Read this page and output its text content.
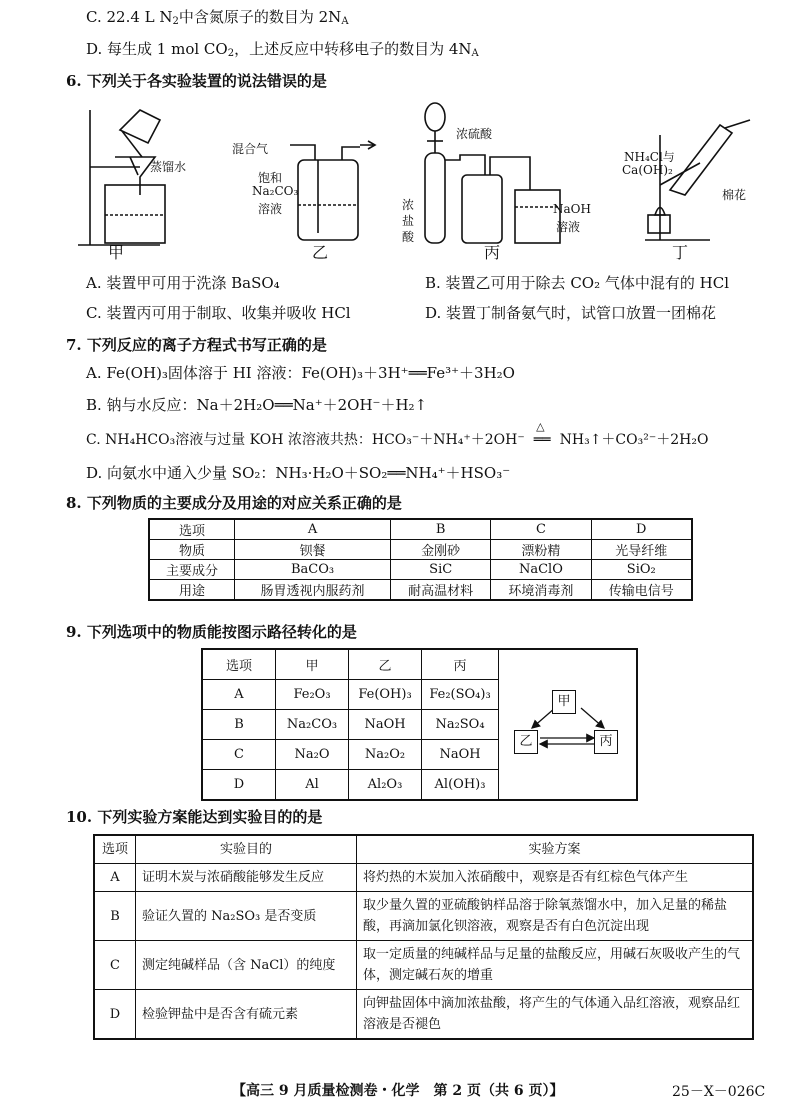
C. 22.4 L $N_2$中含氮原子的数目为 $2N_A$
D. 每生成 1 mol $CO_2$，上述反应中转移电子的数目为 $4N_A$
6. 下列关于各实验装置的说法错误的是
蒸馏水
混合气
饱和
Na₂CO₃
溶液
浓硫酸
浓
盐
酸
NaOH
溶液
NH₄Cl与
Ca(OH)₂
棉花
甲	乙	丙	丁
A. 装置甲可用于洗涤 BaSO₄	B. 装置乙可用于除去 CO₂ 气体中混有的 HCl
C. 装置丙可用于制取、收集并吸收 HCl	D. 装置丁制备氨气时，试管口放置一团棉花
7. 下列反应的离子方程式书写正确的是
A. Fe(OH)₃固体溶于 HI 溶液：Fe(OH)₃＋3H⁺══Fe³⁺＋3H₂O
B. 钠与水反应：Na＋2H₂O══Na⁺＋2OH⁻＋H₂↑
C. NH₄HCO₃溶液与过量 KOH 浓溶液共热：HCO₃⁻＋NH₄⁺＋2OH⁻
△
══ NH₃↑＋CO₃²⁻＋2H₂O
D. 向氨水中通入少量 SO₂：NH₃·H₂O＋SO₂══NH₄⁺＋HSO₃⁻
8. 下列物质的主要成分及用途的对应关系正确的是
选项	A	B	C	D
物质	钡餐	金刚砂	漂粉精	光导纤维
主要成分	BaCO₃	SiC	NaClO	SiO₂
用途	肠胃透视内服药剂	耐高温材料	环境消毒剂	传输电信号
9. 下列选项中的物质能按图示路径转化的是
选项	甲	乙	丙	
A	Fe₂O₃	Fe(OH)₃	Fe₂(SO₄)₃	
B	Na₂CO₃	NaOH	Na₂SO₄	
C	Na₂O	Na₂O₂	NaOH	
D	Al	Al₂O₃	Al(OH)₃	
甲
乙	丙
10. 下列实验方案能达到实验目的的是
选项	实验目的	实验方案
A	证明木炭与浓硝酸能够发生反应	将灼热的木炭加入浓硝酸中，观察是否有红棕色气体产生
B	验证久置的 Na₂SO₃ 是否变质	取少量久置的亚硫酸钠样品溶于除氧蒸馏水中，加入足量的稀盐酸，再滴加氯化钡溶液，观察是否有白色沉淀出现
C	测定纯碱样品（含 NaCl）的纯度	取一定质量的纯碱样品与足量的盐酸反应，用碱石灰吸收产生的气体，测定碱石灰的增重
D	检验钾盐中是否含有硫元素	向钾盐固体中滴加浓盐酸，将产生的气体通入品红溶液，观察品红溶液是否褪色
【高三 9 月质量检测卷・化学　第 2 页（共 6 页）】	25－X－026C
